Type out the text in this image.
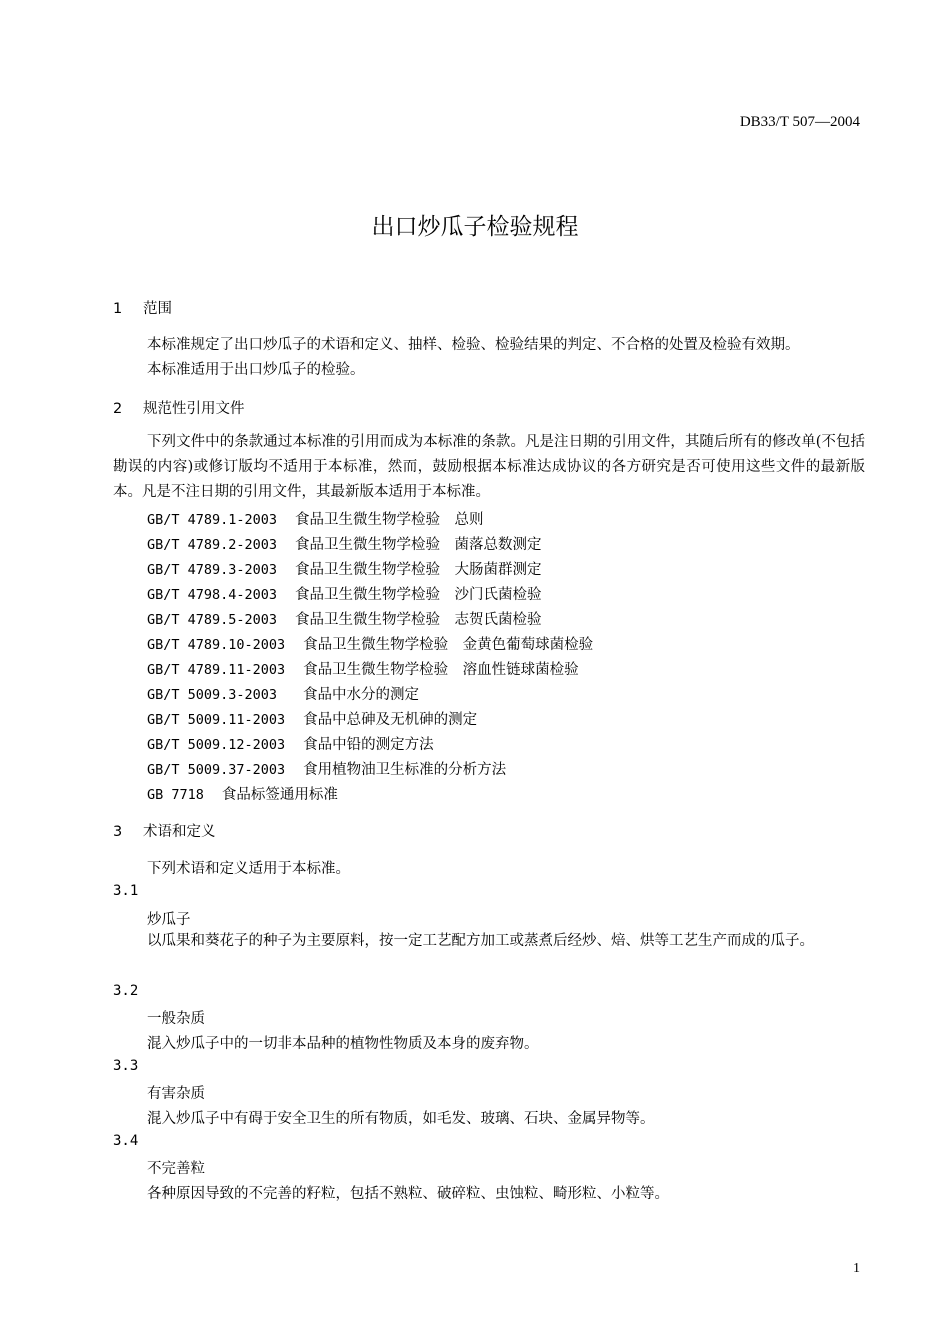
DB33/T 507—2004
出口炒瓜子检验规程
1 范围
本标准规定了出口炒瓜子的术语和定义、抽样、检验、检验结果的判定、不合格的处置及检验有效期。
本标准适用于出口炒瓜子的检验。
2 规范性引用文件
下列文件中的条款通过本标准的引用而成为本标准的条款。凡是注日期的引用文件，其随后所有的修改单(不包括勘误的内容)或修订版均不适用于本标准，然而，鼓励根据本标准达成协议的各方研究是否可使用这些文件的最新版本。凡是不注日期的引用文件，其最新版本适用于本标准。
GB/T 4789.1-2003 食品卫生微生物学检验　总则
GB/T 4789.2-2003 食品卫生微生物学检验　菌落总数测定
GB/T 4789.3-2003 食品卫生微生物学检验　大肠菌群测定
GB/T 4798.4-2003 食品卫生微生物学检验　沙门氏菌检验
GB/T 4789.5-2003 食品卫生微生物学检验　志贺氏菌检验
GB/T 4789.10-2003 食品卫生微生物学检验　金黄色葡萄球菌检验
GB/T 4789.11-2003 食品卫生微生物学检验　溶血性链球菌检验
GB/T 5009.3-2003 食品中水分的测定
GB/T 5009.11-2003 食品中总砷及无机砷的测定
GB/T 5009.12-2003 食品中铅的测定方法
GB/T 5009.37-2003 食用植物油卫生标准的分析方法
GB 7718 食品标签通用标准
3 术语和定义
下列术语和定义适用于本标准。
3.1
炒瓜子
以瓜果和葵花子的种子为主要原料，按一定工艺配方加工或蒸煮后经炒、焙、烘等工艺生产而成的瓜子。
3.2
一般杂质
混入炒瓜子中的一切非本品种的植物性物质及本身的废弃物。
3.3
有害杂质
混入炒瓜子中有碍于安全卫生的所有物质，如毛发、玻璃、石块、金属异物等。
3.4
不完善粒
各种原因导致的不完善的籽粒，包括不熟粒、破碎粒、虫蚀粒、畸形粒、小粒等。
1
